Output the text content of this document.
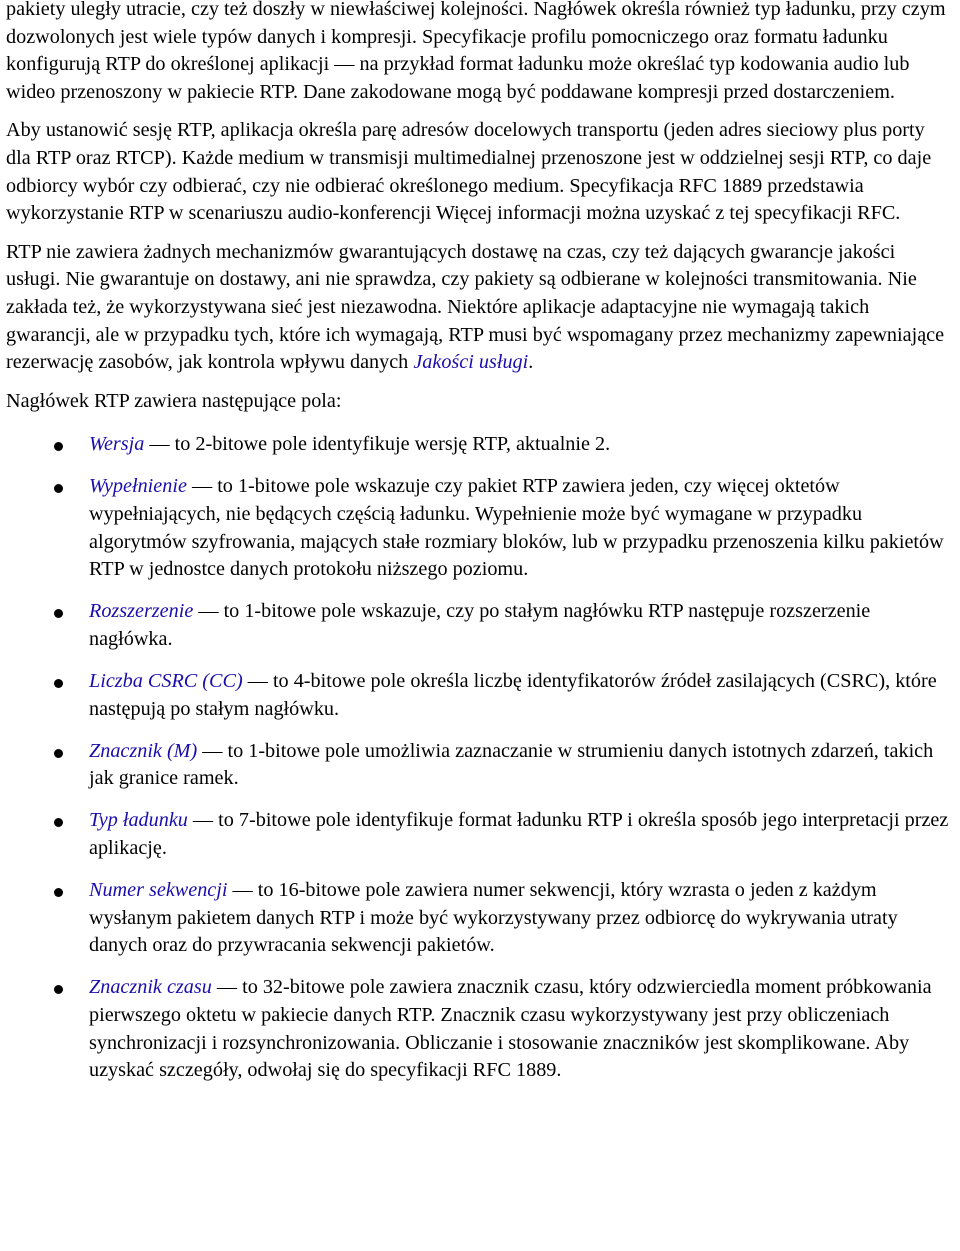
pakiety uległy utracie, czy też doszły w niewłaściwej kolejności. Nagłówek określa również typ ładunku, przy czym dozwolonych jest wiele typów danych i kompresji. Specyfikacje profilu pomocniczego oraz formatu ładunku konfigurują RTP do określonej aplikacji — na przykład format ładunku może określać typ kodowania audio lub wideo przenoszony w pakiecie RTP. Dane zakodowane mogą być poddawane kompresji przed dostarczeniem.

Aby ustanowić sesję RTP, aplikacja określa parę adresów docelowych transportu (jeden adres sieciowy plus porty dla RTP oraz RTCP). Każde medium w transmisji multimedialnej przenoszone jest w oddzielnej sesji RTP, co daje odbiorcy wybór czy odbierać, czy nie odbierać określonego medium. Specyfikacja RFC 1889 przedstawia wykorzystanie RTP w scenariuszu audio-konferencji Więcej informacji można uzyskać z tej specyfikacji RFC.

RTP nie zawiera żadnych mechanizmów gwarantujących dostawę na czas, czy też dających gwarancje jakości usługi. Nie gwarantuje on dostawy, ani nie sprawdza, czy pakiety są odbierane w kolejności transmitowania. Nie zakłada też, że wykorzystywana sieć jest niezawodna. Niektóre aplikacje adaptacyjne nie wymagają takich gwarancji, ale w przypadku tych, które ich wymagają, RTP musi być wspomagany przez mechanizmy zapewniające rezerwację zasobów, jak kontrola wpływu danych Jakości usługi.

Nagłówek RTP zawiera następujące pola:

Wersja — to 2-bitowe pole identyfikuje wersję RTP, aktualnie 2.
Wypełnienie — to 1-bitowe pole wskazuje czy pakiet RTP zawiera jeden, czy więcej oktetów wypełniających, nie będących częścią ładunku. Wypełnienie może być wymagane w przypadku algorytmów szyfrowania, mających stałe rozmiary bloków, lub w przypadku przenoszenia kilku pakietów RTP w jednostce danych protokołu niższego poziomu.
Rozszerzenie — to 1-bitowe pole wskazuje, czy po stałym nagłówku RTP następuje rozszerzenie nagłówka.
Liczba CSRC (CC) — to 4-bitowe pole określa liczbę identyfikatorów źródeł zasilających (CSRC), które następują po stałym nagłówku.
Znacznik (M) — to 1-bitowe pole umożliwia zaznaczanie w strumieniu danych istotnych zdarzeń, takich jak granice ramek.
Typ ładunku — to 7-bitowe pole identyfikuje format ładunku RTP i określa sposób jego interpretacji przez aplikację.
Numer sekwencji — to 16-bitowe pole zawiera numer sekwencji, który wzrasta o jeden z każdym wysłanym pakietem danych RTP i może być wykorzystywany przez odbiorcę do wykrywania utraty danych oraz do przywracania sekwencji pakietów.
Znacznik czasu — to 32-bitowe pole zawiera znacznik czasu, który odzwierciedla moment próbkowania pierwszego oktetu w pakiecie danych RTP. Znacznik czasu wykorzystywany jest przy obliczeniach synchronizacji i rozsynchronizowania. Obliczanie i stosowanie znaczników jest skomplikowane. Aby uzyskać szczegóły, odwołaj się do specyfikacji RFC 1889.
